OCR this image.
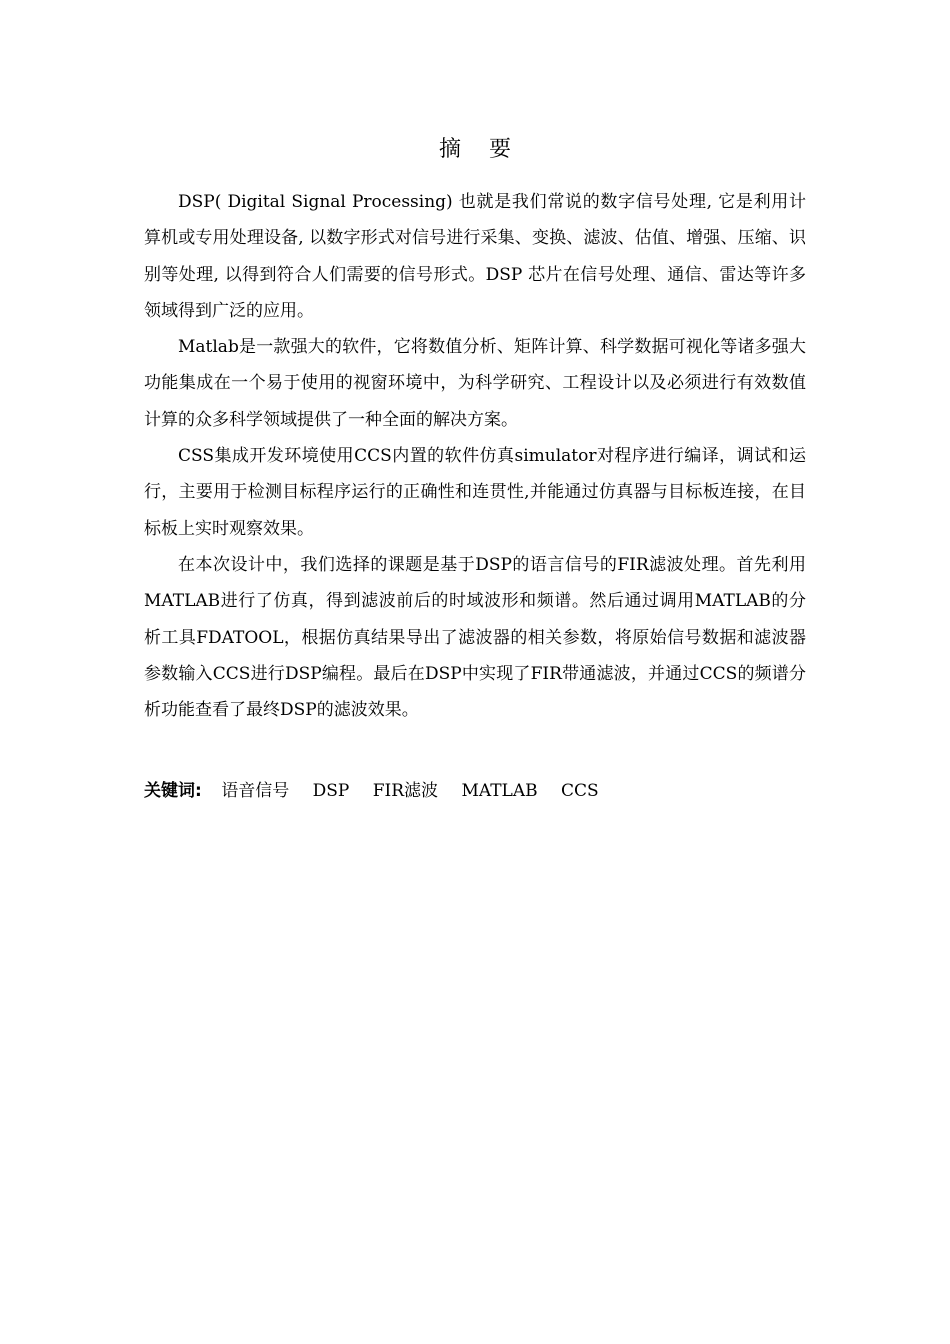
摘    要

DSP( Digital Signal Processing) 也就是我们常说的数字信号处理, 它是利用计算机或专用处理设备, 以数字形式对信号进行采集、变换、滤波、估值、增强、压缩、识别等处理, 以得到符合人们需要的信号形式。DSP 芯片在信号处理、通信、雷达等许多领域得到广泛的应用。

Matlab是一款强大的软件，它将数值分析、矩阵计算、科学数据可视化等诸多强大功能集成在一个易于使用的视窗环境中，为科学研究、工程设计以及必须进行有效数值计算的众多科学领域提供了一种全面的解决方案。

CSS集成开发环境使用CCS内置的软件仿真simulator对程序进行编译，调试和运行，主要用于检测目标程序运行的正确性和连贯性,并能通过仿真器与目标板连接，在目标板上实时观察效果。

在本次设计中，我们选择的课题是基于DSP的语言信号的FIR滤波处理。首先利用MATLAB进行了仿真，得到滤波前后的时域波形和频谱。然后通过调用MATLAB的分析工具FDATOOL，根据仿真结果导出了滤波器的相关参数，将原始信号数据和滤波器参数输入CCS进行DSP编程。最后在DSP中实现了FIR带通滤波，并通过CCS的频谱分析功能查看了最终DSP的滤波效果。

关键词: 语音信号 DSP FIR滤波 MATLAB CCS
